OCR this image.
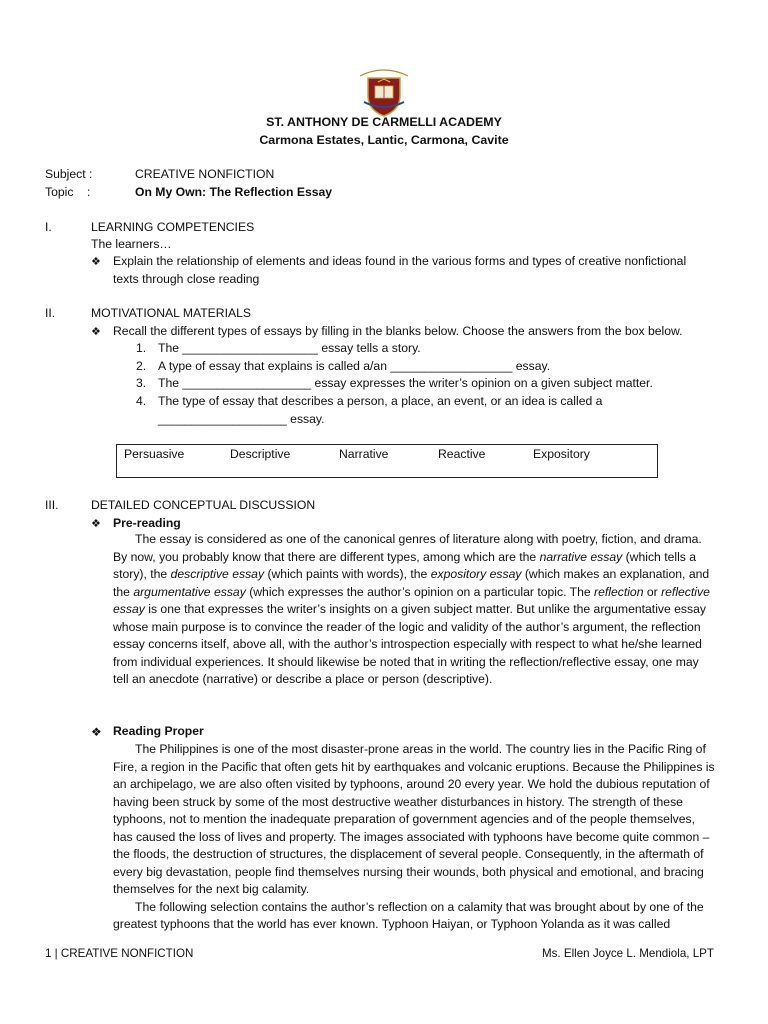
ST. ANTHONY DE CARMELLI ACADEMY
Carmona Estates, Lantic, Carmona, Cavite
Subject :	CREATIVE NONFICTION
Topic    :	On My Own: The Reflection Essay
I.	LEARNING COMPETENCIES
The learners…
❖ Explain the relationship of elements and ideas found in the various forms and types of creative nonfictional
texts through close reading
II.	MOTIVATIONAL MATERIALS
❖ Recall the different types of essays by filling in the blanks below. Choose the answers from the box below.
1. The ____________________ essay tells a story.
2. A type of essay that explains is called a/an __________________ essay.
3. The ___________________ essay expresses the writer’s opinion on a given subject matter.
4. The type of essay that describes a person, a place, an event, or an idea is called a
___________________ essay.
Persuasive	Descriptive	Narrative	Reactive	Expository
III.	DETAILED CONCEPTUAL DISCUSSION
❖ Pre-reading

The essay is considered as one of the canonical genres of literature along with poetry, fiction, and drama. By now, you probably know that there are different types, among which are the narrative essay (which tells a story), the descriptive essay (which paints with words), the expository essay (which makes an explanation, and the argumentative essay (which expresses the author’s opinion on a particular topic. The reflection or reflective essay is one that expresses the writer’s insights on a given subject matter. But unlike the argumentative essay whose main purpose is to convince the reader of the logic and validity of the author’s argument, the reflection essay concerns itself, above all, with the author’s introspection especially with respect to what he/she learned from individual experiences. It should likewise be noted that in writing the reflection/reflective essay, one may tell an anecdote (narrative) or describe a place or person (descriptive).

❖ Reading Proper

The Philippines is one of the most disaster-prone areas in the world. The country lies in the Pacific Ring of Fire, a region in the Pacific that often gets hit by earthquakes and volcanic eruptions. Because the Philippines is an archipelago, we are also often visited by typhoons, around 20 every year. We hold the dubious reputation of having been struck by some of the most destructive weather disturbances in history. The strength of these typhoons, not to mention the inadequate preparation of government agencies and of the people themselves, has caused the loss of lives and property. The images associated with typhoons have become quite common – the floods, the destruction of structures, the displacement of several people. Consequently, in the aftermath of every big devastation, people find themselves nursing their wounds, both physical and emotional, and bracing themselves for the next big calamity.

The following selection contains the author’s reflection on a calamity that was brought about by one of the greatest typhoons that the world has ever known. Typhoon Haiyan, or Typhoon Yolanda as it was called

1 | CREATIVE NONFICTION	Ms. Ellen Joyce L. Mendiola, LPT
